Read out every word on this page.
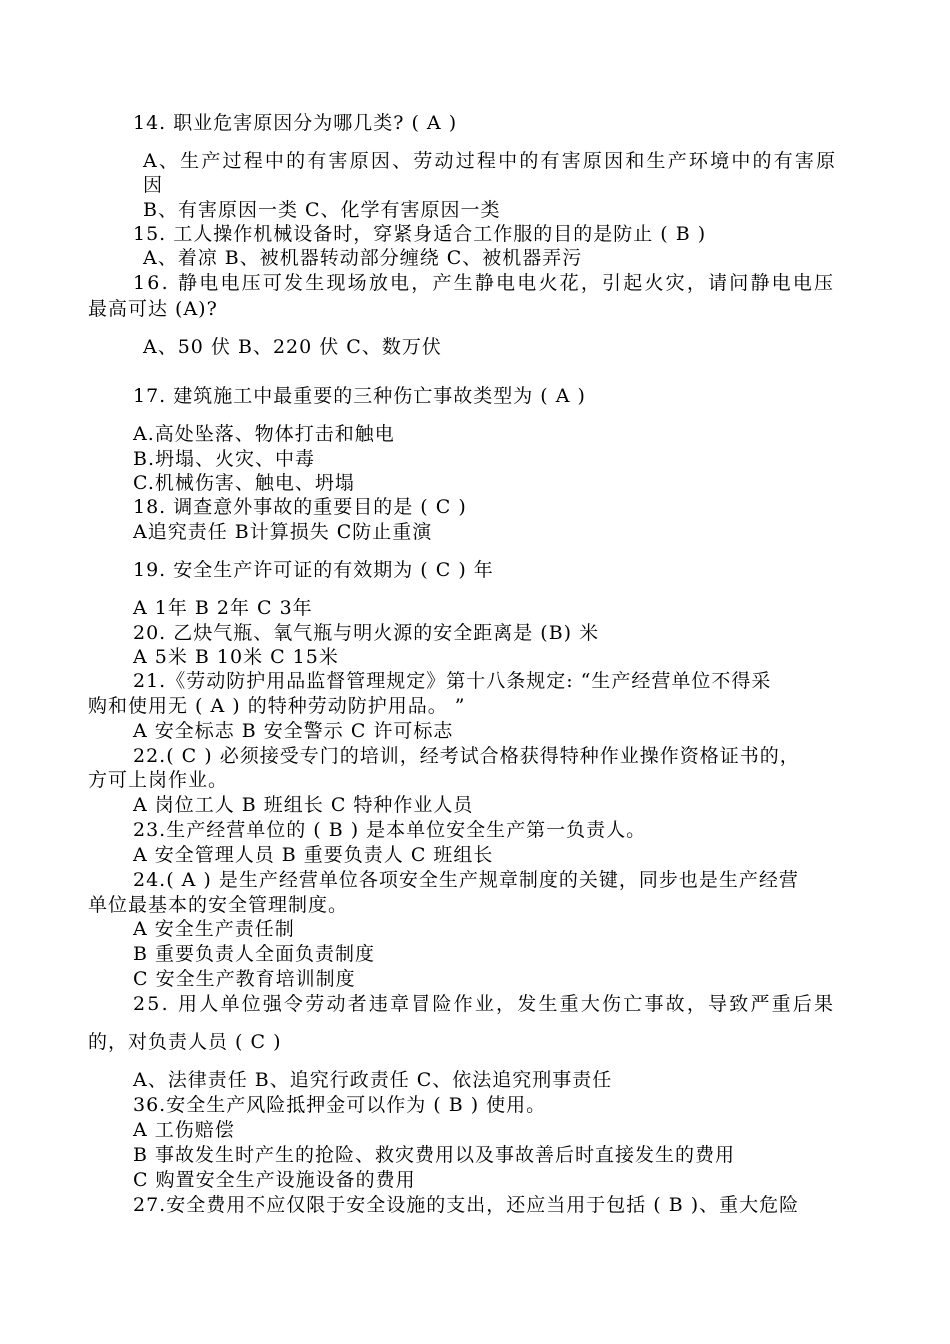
14. 职业危害原因分为哪几类? ( A )
A、生产过程中的有害原因、劳动过程中的有害原因和生产环境中的有害原
因
B、有害原因一类 C、化学有害原因一类
15. 工人操作机械设备时，穿紧身适合工作服的目的是防止 ( B )
A、着凉 B、被机器转动部分缠绕 C、被机器弄污
16. 静电电压可发生现场放电，产生静电电火花，引起火灾，请问静电电压
最高可达 (A)?
A、50 伏 B、220 伏 C、数万伏
17. 建筑施工中最重要的三种伤亡事故类型为 ( A )
A.高处坠落、物体打击和触电
B.坍塌、火灾、中毒
C.机械伤害、触电、坍塌
18. 调查意外事故的重要目的是 ( C )
A追究责任 B计算损失 C防止重演
19. 安全生产许可证的有效期为 ( C ) 年
A 1年 B 2年 C 3年
20. 乙炔气瓶、氧气瓶与明火源的安全距离是 (B) 米
A 5米 B 10米 C 15米
21.《劳动防护用品监督管理规定》第十八条规定: “生产经营单位不得采
购和使用无 ( A ) 的特种劳动防护用品。 ”
A 安全标志 B 安全警示 C 许可标志
22.( C ) 必须接受专门的培训，经考试合格获得特种作业操作资格证书的，
方可上岗作业。
A 岗位工人 B 班组长 C 特种作业人员
23.生产经营单位的 ( B ) 是本单位安全生产第一负责人。
A 安全管理人员 B 重要负责人 C 班组长
24.( A ) 是生产经营单位各项安全生产规章制度的关键，同步也是生产经营
单位最基本的安全管理制度。
A 安全生产责任制
B 重要负责人全面负责制度
C 安全生产教育培训制度
25. 用人单位强令劳动者违章冒险作业，发生重大伤亡事故，导致严重后果
的，对负责人员 ( C )
A、法律责任 B、追究行政责任 C、依法追究刑事责任
36.安全生产风险抵押金可以作为 ( B ) 使用。
A 工伤赔偿
B 事故发生时产生的抢险、救灾费用以及事故善后时直接发生的费用
C 购置安全生产设施设备的费用
27.安全费用不应仅限于安全设施的支出，还应当用于包括 ( B )、重大危险
